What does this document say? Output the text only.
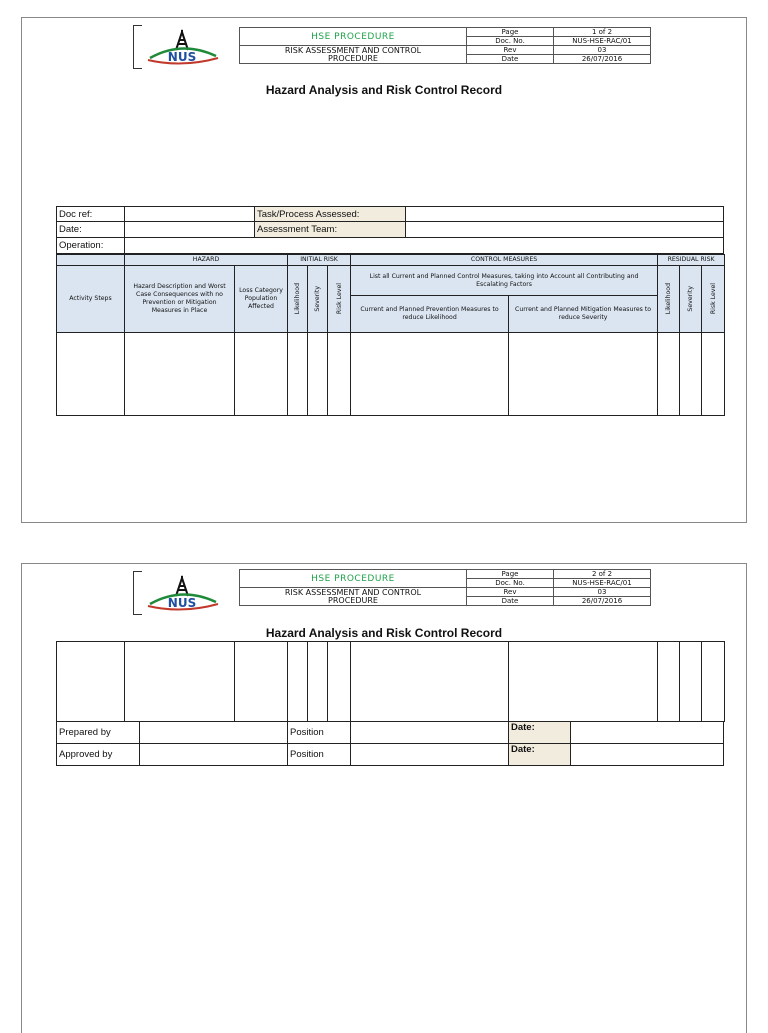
NUS
HSE PROCEDURE	Page	1 of 2
	Doc. No.	NUS-HSE-RAC/01
RISK ASSESSMENT AND CONTROL
PROCEDURE	Rev	03
	Date	26/07/2016
Hazard Analysis and Risk Control Record
Doc ref:		Task/Process Assessed:	
Date:		Assessment Team:	
Operation:			
	HAZARD		INITIAL RISK			CONTROL MEASURES		RESIDUAL RISK		
Activity Steps	Hazard Description and Worst Case Consequences with no Prevention or Mitigation Measures in Place	Loss Category Population Affected	Likelihood	Severity	Risk Level	List all Current and Planned Control Measures, taking into Account all Contributing and Escalating Factors		Likelihood	Severity	Risk Level

						Current and Planned Prevention Measures to reduce Likelihood	Current and Planned Mitigation Measures to reduce Severity			

NUS
HSE PROCEDURE	Page	2 of 2
	Doc. No.	NUS-HSE-RAC/01
RISK ASSESSMENT AND CONTROL
PROCEDURE	Rev	03
	Date	26/07/2016
Hazard Analysis and Risk Control Record

Prepared by		Position		Date:	
Approved by		Position		Date:	
